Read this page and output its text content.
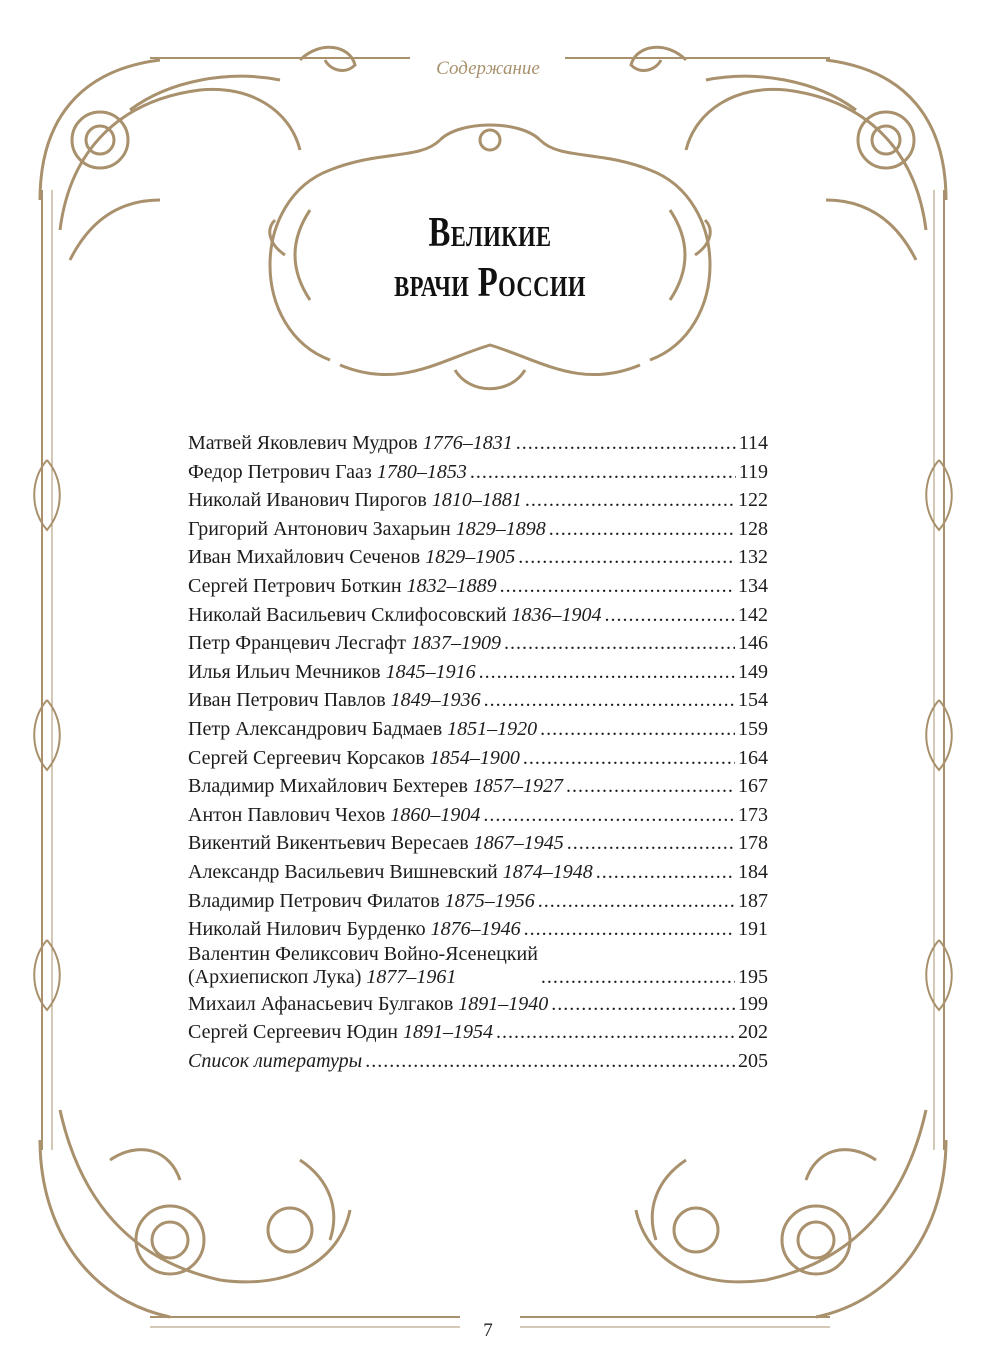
Содержание
Великие
врачи России
Матвей Яковлевич Мудров 1776–1831 .....	114
Федор Петрович Гааз 1780–1853 .....	119
Николай Иванович Пирогов 1810–1881 .....	122
Григорий Антонович Захарьин 1829–1898 .....	128
Иван Михайлович Сеченов 1829–1905 .....	132
Сергей Петрович Боткин 1832–1889 .....	134
Николай Васильевич Склифосовский 1836–1904 .....	142
Петр Францевич Лесгафт 1837–1909 .....	146
Илья Ильич Мечников 1845–1916 .....	149
Иван Петрович Павлов 1849–1936 .....	154
Петр Александрович Бадмаев 1851–1920 .....	159
Сергей Сергеевич Корсаков 1854–1900 .....	164
Владимир Михайлович Бехтерев 1857–1927 .....	167
Антон Павлович Чехов 1860–1904 .....	173
Викентий Викентьевич Вересаев 1867–1945 .....	178
Александр Васильевич Вишневский 1874–1948 .....	184
Владимир Петрович Филатов 1875–1956 .....	187
Николай Нилович Бурденко 1876–1946 .....	191
Валентин Феликсович Войно-Ясенецкий
(Архиепископ Лука) 1877–1961 .....	195
Михаил Афанасьевич Булгаков 1891–1940 .....	199
Сергей Сергеевич Юдин 1891–1954 .....	202
Список литературы .....	205
7
